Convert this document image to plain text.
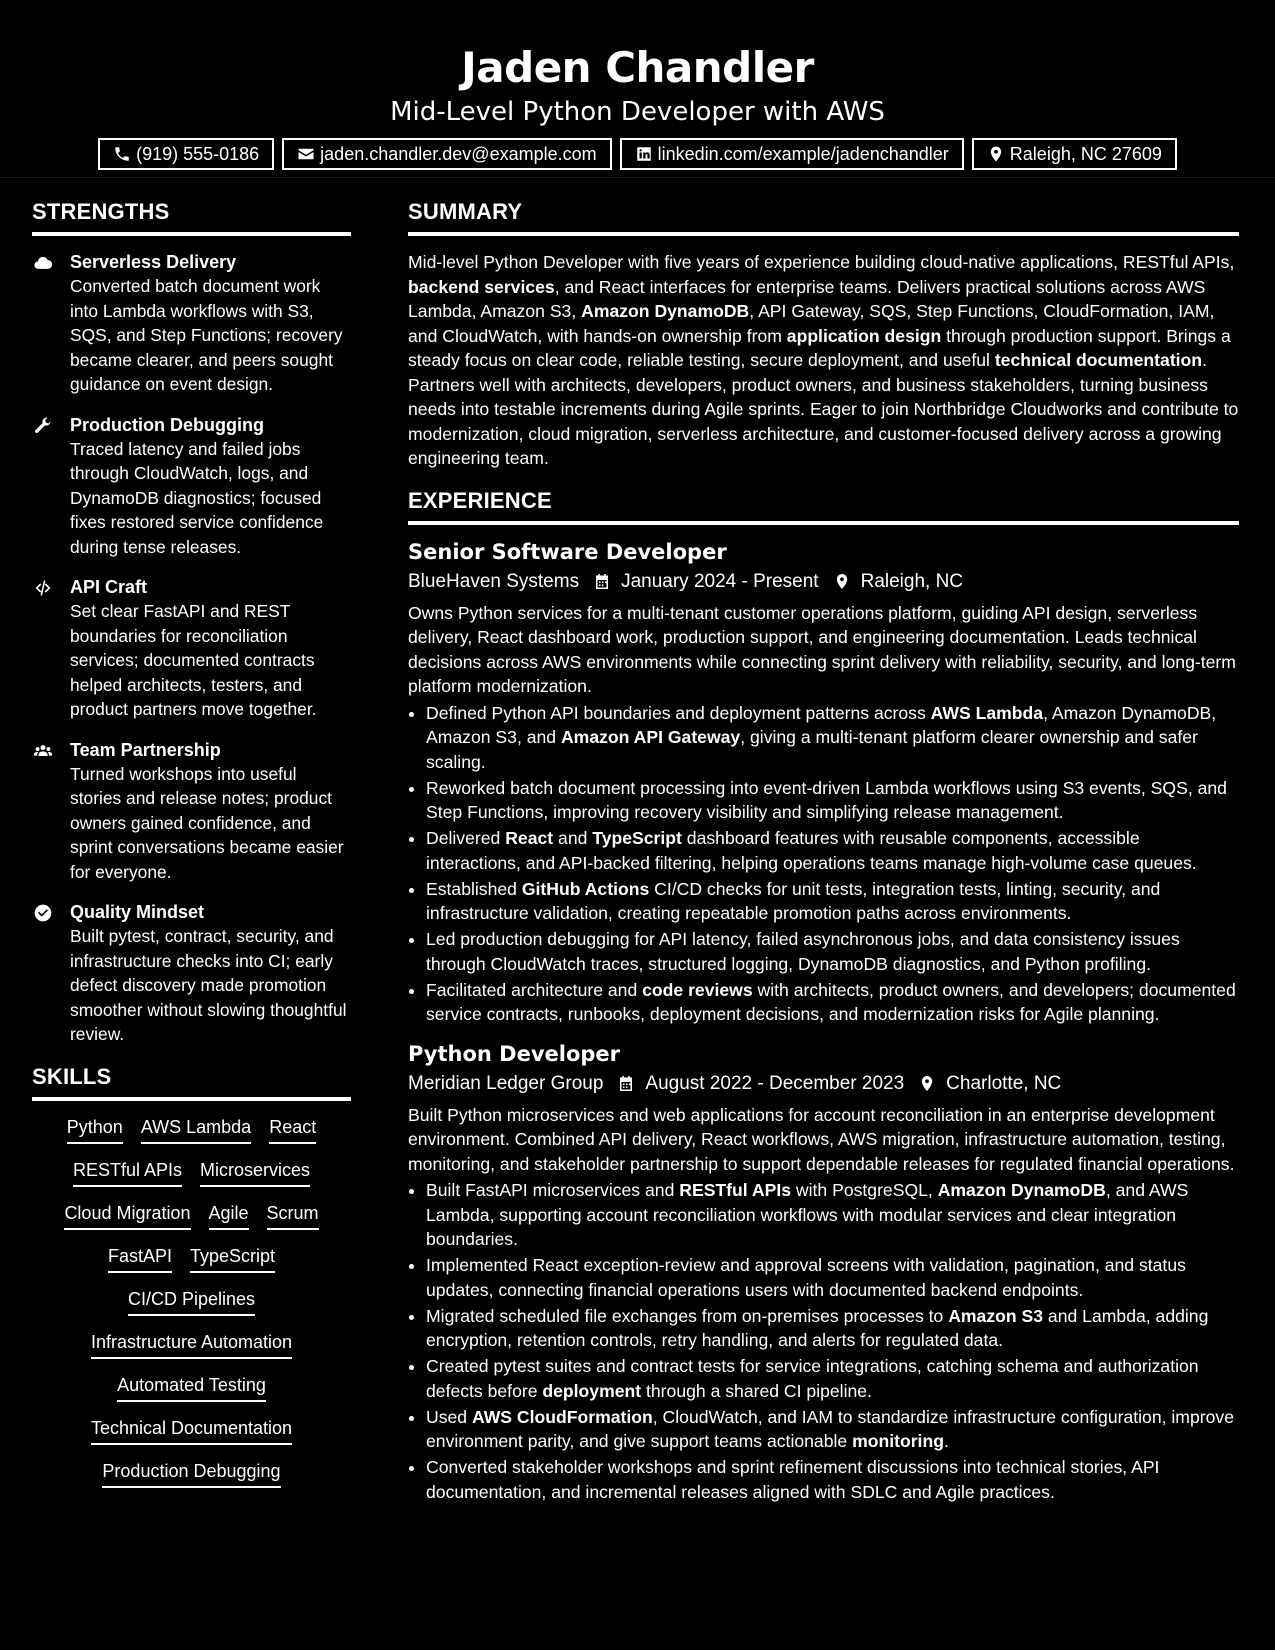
Jaden Chandler
Mid-Level Python Developer with AWS
(919) 555-0186	jaden.chandler.dev@example.com	linkedin.com/example/jadenchandler	Raleigh, NC 27609
STRENGTHS
Serverless Delivery

Converted batch document work into Lambda workflows with S3, SQS, and Step Functions; recovery became clearer, and peers sought guidance on event design.

Production Debugging

Traced latency and failed jobs through CloudWatch, logs, and DynamoDB diagnostics; focused fixes restored service confidence during tense releases.

API Craft

Set clear FastAPI and REST boundaries for reconciliation services; documented contracts helped architects, testers, and product partners move together.

Team Partnership

Turned workshops into useful stories and release notes; product owners gained confidence, and sprint conversations became easier for everyone.

Quality Mindset

Built pytest, contract, security, and infrastructure checks into CI; early defect discovery made promotion smoother without slowing thoughtful review.

SKILLS
Python AWS Lambda React
RESTful APIs Microservices
Cloud Migration Agile Scrum
FastAPI TypeScript
CI/CD Pipelines
Infrastructure Automation
Automated Testing
Technical Documentation
Production Debugging
SUMMARY

Mid-level Python Developer with five years of experience building cloud-native applications, RESTful APIs, backend services, and React interfaces for enterprise teams. Delivers practical solutions across AWS Lambda, Amazon S3, Amazon DynamoDB, API Gateway, SQS, Step Functions, CloudFormation, IAM, and CloudWatch, with hands-on ownership from application design through production support. Brings a steady focus on clear code, reliable testing, secure deployment, and useful technical documentation. Partners well with architects, developers, product owners, and business stakeholders, turning business needs into testable increments during Agile sprints. Eager to join Northbridge Cloudworks and contribute to modernization, cloud migration, serverless architecture, and customer-focused delivery across a growing engineering team.

EXPERIENCE
Senior Software Developer
BlueHaven Systems January 2024 - Present Raleigh, NC

Owns Python services for a multi-tenant customer operations platform, guiding API design, serverless delivery, React dashboard work, production support, and engineering documentation. Leads technical decisions across AWS environments while connecting sprint delivery with reliability, security, and long-term platform modernization.

• Defined Python API boundaries and deployment patterns across AWS Lambda, Amazon DynamoDB, Amazon S3, and Amazon API Gateway, giving a multi-tenant platform clearer ownership and safer scaling.
• Reworked batch document processing into event-driven Lambda workflows using S3 events, SQS, and Step Functions, improving recovery visibility and simplifying release management.
• Delivered React and TypeScript dashboard features with reusable components, accessible interactions, and API-backed filtering, helping operations teams manage high-volume case queues.
• Established GitHub Actions CI/CD checks for unit tests, integration tests, linting, security, and infrastructure validation, creating repeatable promotion paths across environments.
• Led production debugging for API latency, failed asynchronous jobs, and data consistency issues through CloudWatch traces, structured logging, DynamoDB diagnostics, and Python profiling.
• Facilitated architecture and code reviews with architects, product owners, and developers; documented service contracts, runbooks, deployment decisions, and modernization risks for Agile planning.
Python Developer
Meridian Ledger Group August 2022 - December 2023 Charlotte, NC

Built Python microservices and web applications for account reconciliation in an enterprise development environment. Combined API delivery, React workflows, AWS migration, infrastructure automation, testing, monitoring, and stakeholder partnership to support dependable releases for regulated financial operations.

• Built FastAPI microservices and RESTful APIs with PostgreSQL, Amazon DynamoDB, and AWS Lambda, supporting account reconciliation workflows with modular services and clear integration boundaries.
• Implemented React exception-review and approval screens with validation, pagination, and status updates, connecting financial operations users with documented backend endpoints.
• Migrated scheduled file exchanges from on-premises processes to Amazon S3 and Lambda, adding encryption, retention controls, retry handling, and alerts for regulated data.
• Created pytest suites and contract tests for service integrations, catching schema and authorization defects before deployment through a shared CI pipeline.
• Used AWS CloudFormation, CloudWatch, and IAM to standardize infrastructure configuration, improve environment parity, and give support teams actionable monitoring.
• Converted stakeholder workshops and sprint refinement discussions into technical stories, API documentation, and incremental releases aligned with SDLC and Agile practices.
